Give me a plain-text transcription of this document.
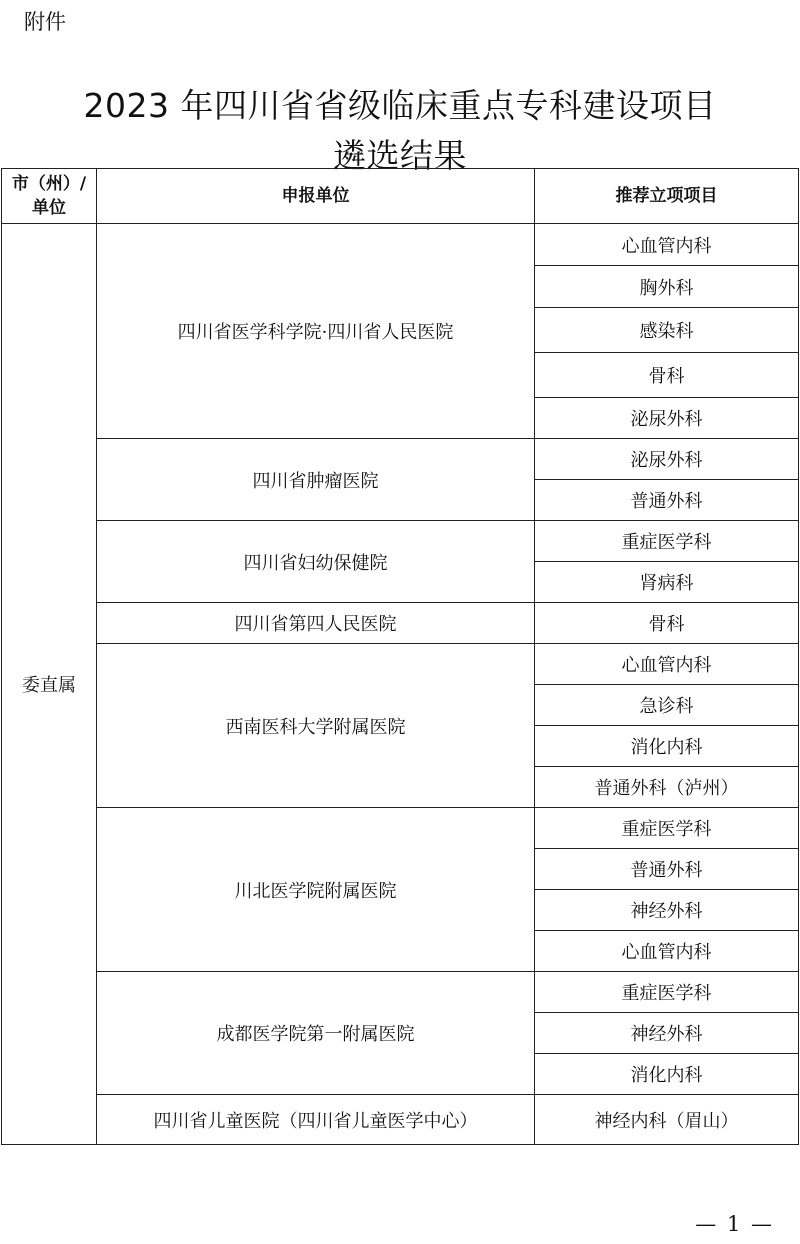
附件
2023 年四川省省级临床重点专科建设项目
遴选结果
市（州）/单位	申报单位	推荐立项项目
委直属	四川省医学科学院·四川省人民医院	心血管内科
		胸外科
		感染科
		骨科
		泌尿外科
	四川省肿瘤医院	泌尿外科
		普通外科
	四川省妇幼保健院	重症医学科
		肾病科
	四川省第四人民医院	骨科
	西南医科大学附属医院	心血管内科
		急诊科
		消化内科
		普通外科（泸州）
	川北医学院附属医院	重症医学科
		普通外科
		神经外科
		心血管内科
	成都医学院第一附属医院	重症医学科
		神经外科
		消化内科
	四川省儿童医院（四川省儿童医学中心）	神经内科（眉山）
— 1 —
